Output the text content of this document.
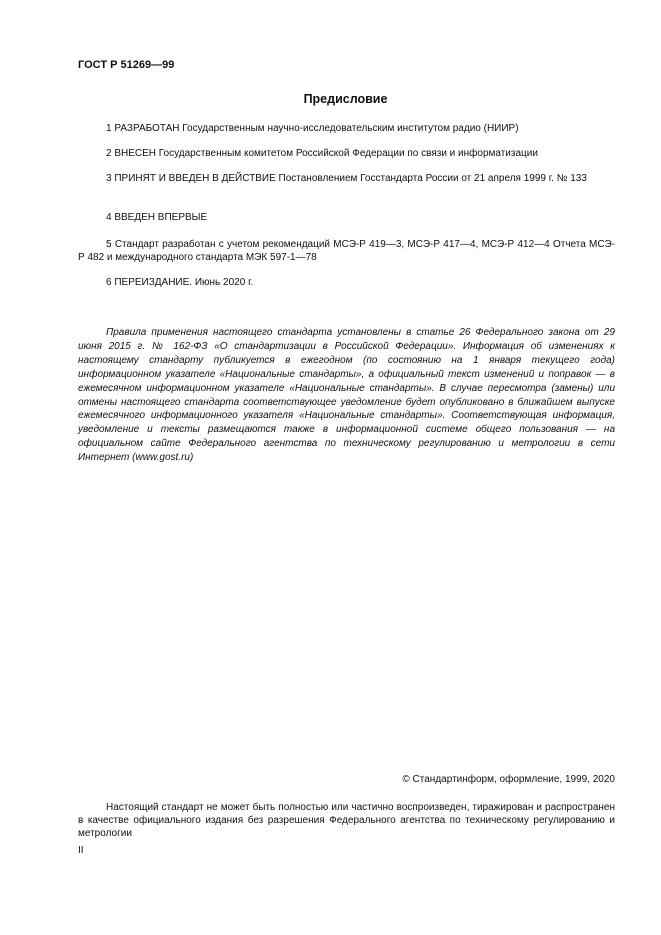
ГОСТ Р 51269—99
Предисловие
1 РАЗРАБОТАН Государственным научно-исследовательским институтом радио (НИИР)
2 ВНЕСЕН Государственным комитетом Российской Федерации по связи и информатизации
3 ПРИНЯТ И ВВЕДЕН В ДЕЙСТВИЕ Постановлением Госстандарта России от 21 апреля 1999 г. № 133
4 ВВЕДЕН ВПЕРВЫЕ
5 Стандарт разработан с учетом рекомендаций МСЭ-Р 419—3, МСЭ-Р 417—4, МСЭ-Р 412—4 Отчета МСЭ-Р 482 и международного стандарта МЭК 597-1—78
6 ПЕРЕИЗДАНИЕ. Июнь 2020 г.
Правила применения настоящего стандарта установлены в статье 26 Федерального закона от 29 июня 2015 г. № 162-ФЗ «О стандартизации в Российской Федерации». Информация об изменениях к настоящему стандарту публикуется в ежегодном (по состоянию на 1 января текущего года) информационном указателе «Национальные стандарты», а официальный текст изменений и поправок — в ежемесячном информационном указателе «Национальные стандарты». В случае пересмотра (замены) или отмены настоящего стандарта соответствующее уведомление будет опубликовано в ближайшем выпуске ежемесячного информационного указателя «Национальные стандарты». Соответствующая информация, уведомление и тексты размещаются также в информационной системе общего пользования — на официальном сайте Федерального агентства по техническому регулированию и метрологии в сети Интернет (www.gost.ru)
© Стандартинформ, оформление, 1999, 2020
Настоящий стандарт не может быть полностью или частично воспроизведен, тиражирован и распространен в качестве официального издания без разрешения Федерального агентства по техническому регулированию и метрологии
II
